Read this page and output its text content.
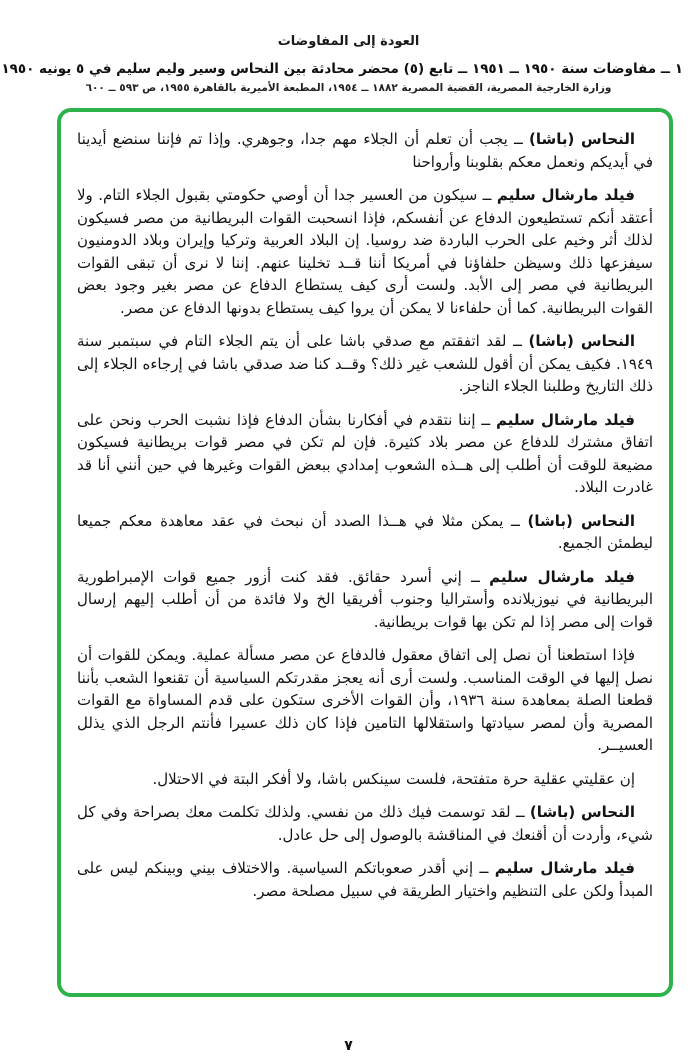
العودة إلى المفاوضات
١ ــ مفاوضات سنة ١٩٥٠ ــ ١٩٥١ ــ تابع (٥) محضر محادثة بين النحاس وسير وليم سليم في ٥ يونيه ١٩٥٠
وزارة الخارجية المصرية، القضية المصرية ١٨٨٢ ــ ١٩٥٤، المطبعة الأميرية بالقاهرة ١٩٥٥، ص ٥٩٣ ــ ٦٠٠

النحاس (باشا) ــ يجب أن تعلم أن الجلاء مهم جدا، وجوهري. وإذا تم فإننا سنضع أيدينا في أيديكم ونعمل معكم بقلوبنا وأرواحنا

فيلد مارشال سليم ــ سيكون من العسير جدا أن أوصي حكومتي بقبول الجلاء التام. ولا أعتقد أنكم تستطيعون الدفاع عن أنفسكم، فإذا انسحبت القوات البريطانية من مصر فسيكون لذلك أثر وخيم على الحرب الباردة ضد روسيا. إن البلاد العربية وتركيا وإيران وبلاد الدومنيون سيفزعها ذلك وسيظن حلفاؤنا في أمريكا أننا قــد تخلينا عنهم. إننا لا نرى أن تبقى القوات البريطانية في مصر إلى الأبد. ولست أرى كيف يستطاع الدفاع عن مصر بغير وجود بعض القوات البريطانية. كما أن حلفاءنا لا يمكن أن يروا كيف يستطاع بدونها الدفاع عن مصر.

النحاس (باشا) ــ لقد اتفقتم مع صدقي باشا على أن يتم الجلاء التام في سبتمبر سنة ١٩٤٩. فكيف يمكن أن أقول للشعب غير ذلك؟ وقــد كنا ضد صدقي باشا في إرجاءه الجلاء إلى ذلك التاريخ وطلبنا الجلاء الناجز.

فيلد مارشال سليم ــ إننا نتقدم في أفكارنا بشأن الدفاع فإذا نشبت الحرب ونحن على اتفاق مشترك للدفاع عن مصر بلاد كثيرة. فإن لم تكن في مصر قوات بريطانية فسيكون مضيعة للوقت أن أطلب إلى هــذه الشعوب إمدادي ببعض القوات وغيرها في حين أنني أنا قد غادرت البلاد.

النحاس (باشا) ــ يمكن مثلا في هــذا الصدد أن نبحث في عقد معاهدة معكم جميعا ليطمئن الجميع.

فيلد مارشال سليم ــ إني أسرد حقائق. فقد كنت أزور جميع قوات الإمبراطورية البريطانية في نيوزيلانده وأستراليا وجنوب أفريقيا الخ ولا فائدة من أن أطلب إليهم إرسال قوات إلى مصر إذا لم تكن بها قوات بريطانية.

فإذا استطعنا أن نصل إلى اتفاق معقول فالدفاع عن مصر مسألة عملية. ويمكن للقوات أن نصل إليها في الوقت المناسب. ولست أرى أنه يعجز مقدرتكم السياسية أن تقنعوا الشعب بأننا قطعنا الصلة بمعاهدة سنة ١٩٣٦، وأن القوات الأخرى ستكون على قدم المساواة مع القوات المصرية وأن لمصر سيادتها واستقلالها التامين فإذا كان ذلك عسيرا فأنتم الرجل الذي يذلل العسيــر.

إن عقليتي عقلية حرة متفتحة، فلست سينكس باشا، ولا أفكر البتة في الاحتلال.

النحاس (باشا) ــ لقد توسمت فيك ذلك من نفسي. ولذلك تكلمت معك بصراحة وفي كل شيء، وأردت أن أقنعك في المناقشة بالوصول إلى حل عادل.

فيلد مارشال سليم ــ إني أقدر صعوباتكم السياسية. والاختلاف بيني وبينكم ليس على المبدأ ولكن على التنظيم واختيار الطريقة في سبيل مصلحة مصر.

٧
